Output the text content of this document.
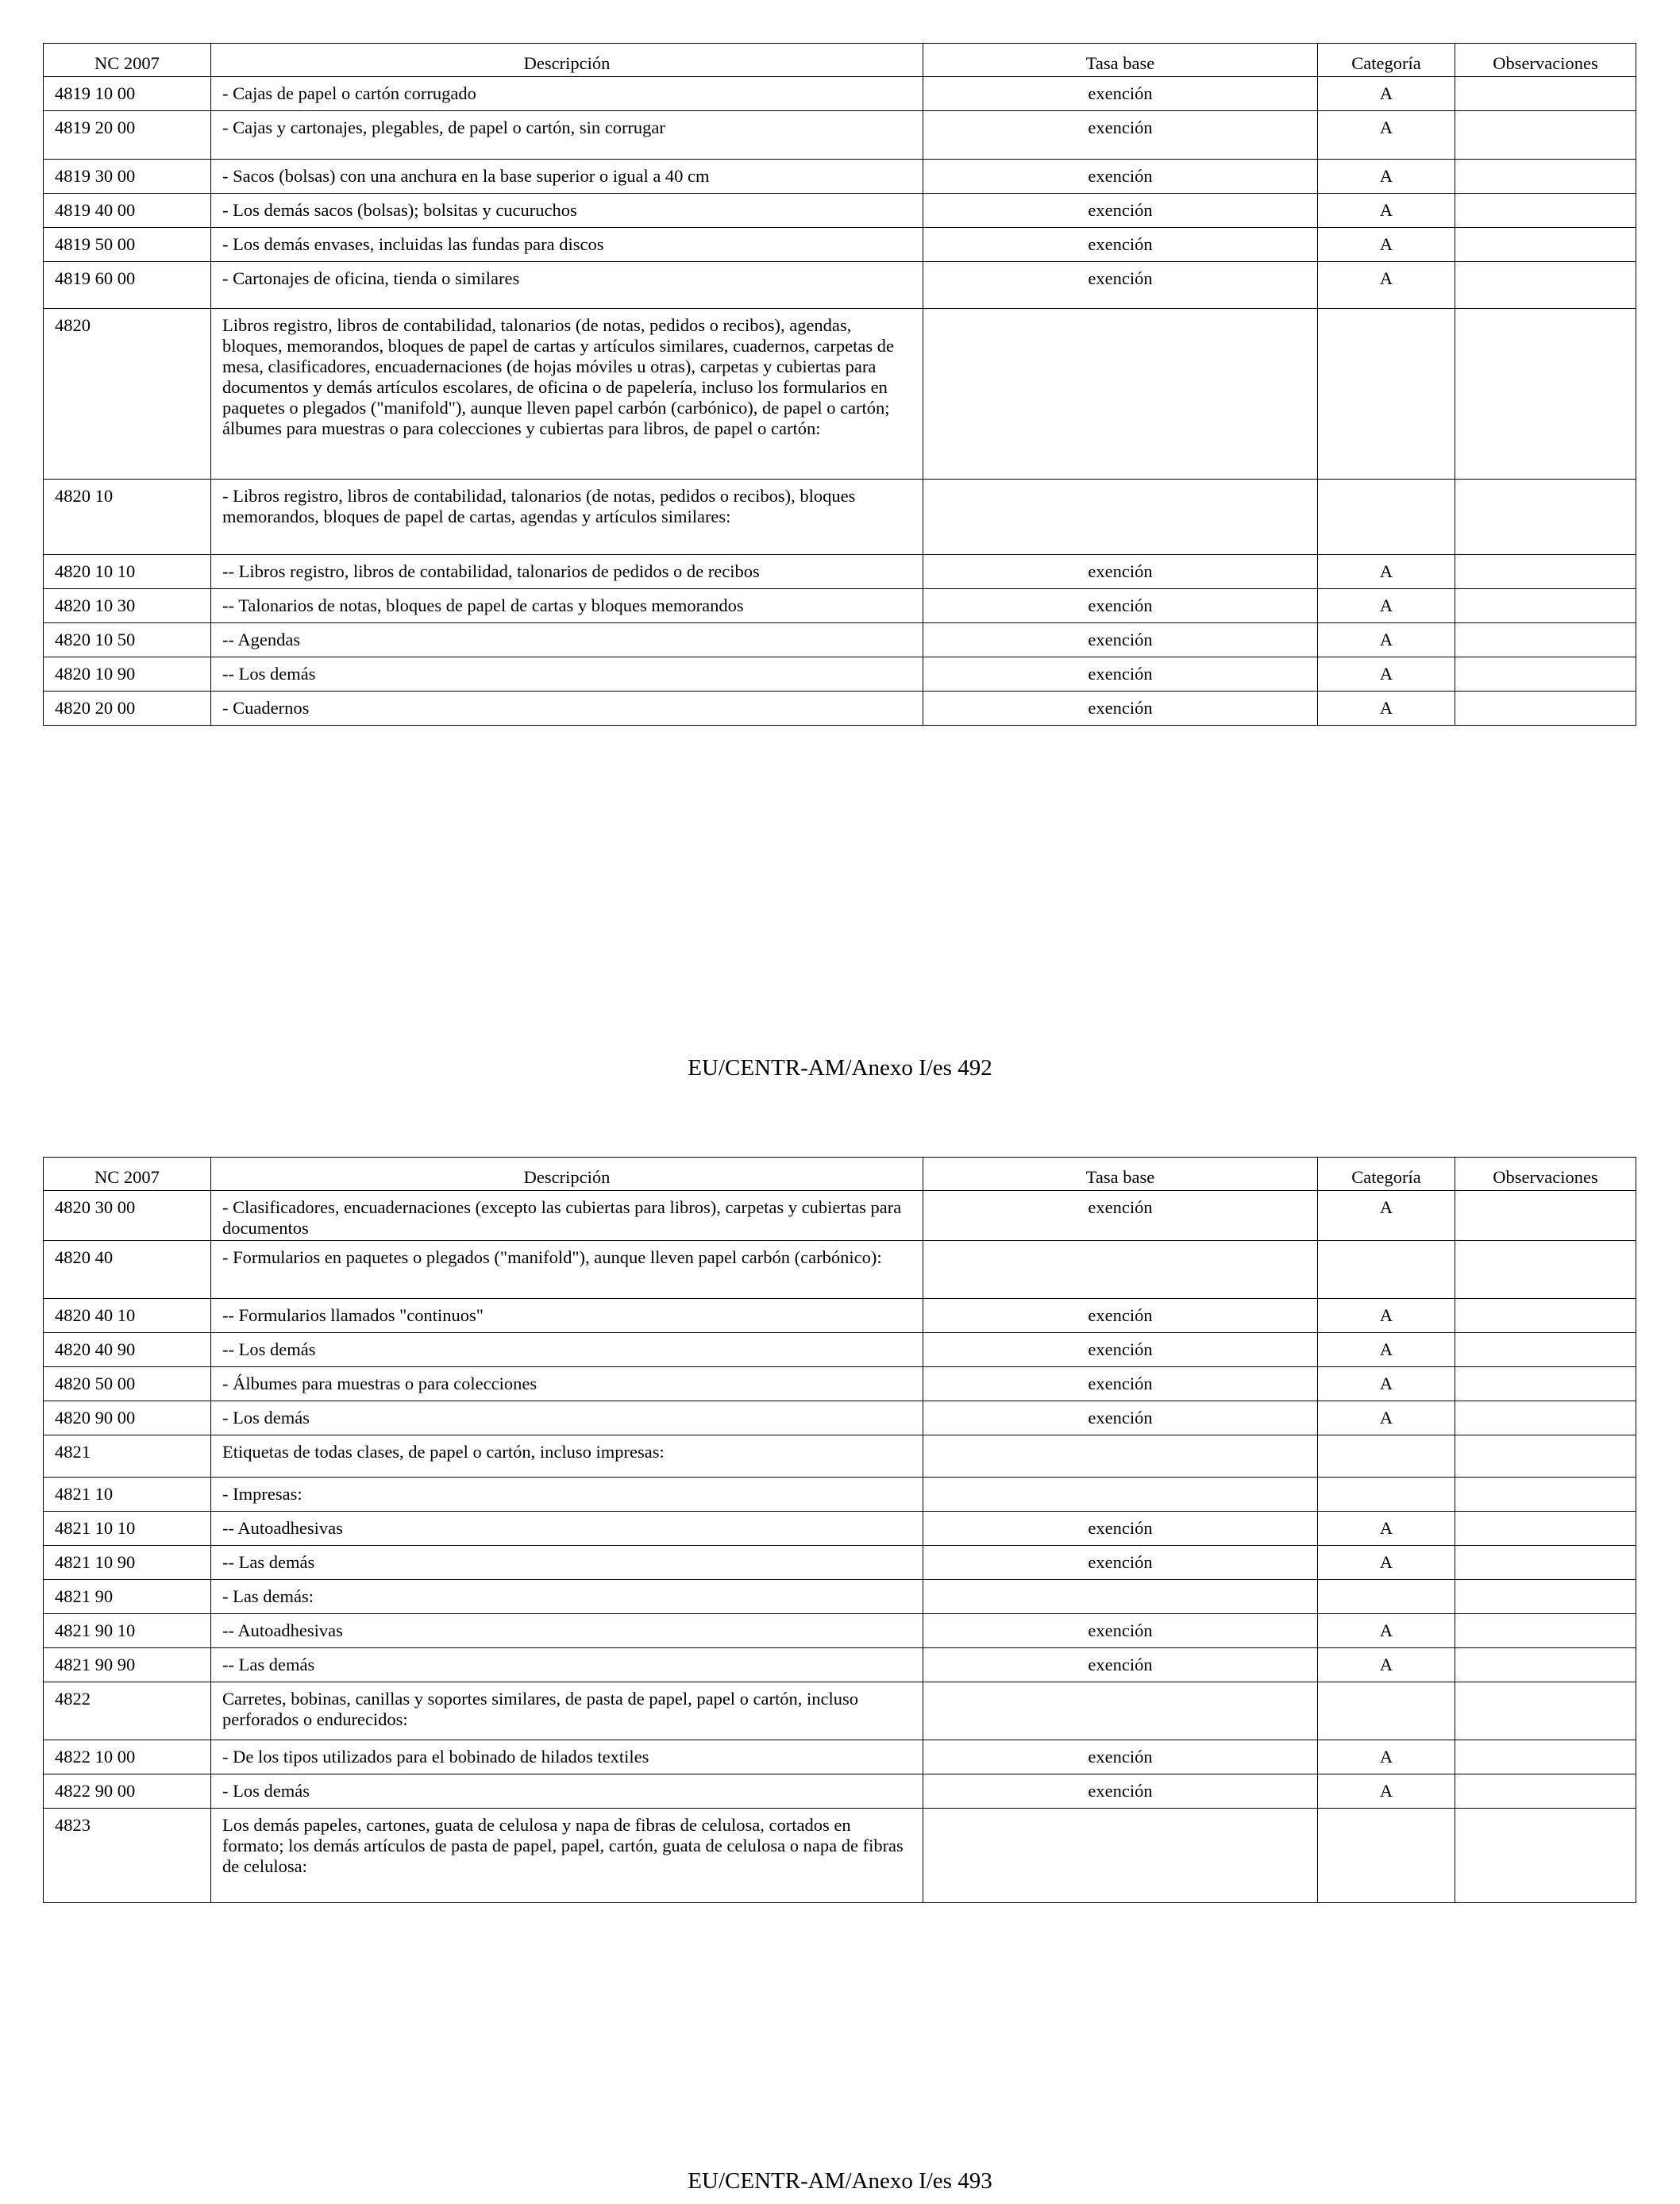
NC 2007	Descripción	Tasa base	Categoría	Observaciones
4819 10 00	- Cajas de papel o cartón corrugado	exención	A	
4819 20 00	- Cajas y cartonajes, plegables, de papel o cartón, sin corrugar	exención	A	
4819 30 00	- Sacos (bolsas) con una anchura en la base superior o igual a 40 cm	exención	A	
4819 40 00	- Los demás sacos (bolsas); bolsitas y cucuruchos	exención	A	
4819 50 00	- Los demás envases, incluidas las fundas para discos	exención	A	
4819 60 00	- Cartonajes de oficina, tienda o similares	exención	A	
4820	Libros registro, libros de contabilidad, talonarios (de notas, pedidos o recibos), agendas, bloques, memorandos, bloques de papel de cartas y artículos similares, cuadernos, carpetas de mesa, clasificadores, encuadernaciones (de hojas móviles u otras), carpetas y cubiertas para documentos y demás artículos escolares, de oficina o de papelería, incluso los formularios en paquetes o plegados ("manifold"), aunque lleven papel carbón (carbónico), de papel o cartón; álbumes para muestras o para colecciones y cubiertas para libros, de papel o cartón:			
4820 10	- Libros registro, libros de contabilidad, talonarios (de notas, pedidos o recibos), bloques memorandos, bloques de papel de cartas, agendas y artículos similares:			
4820 10 10	-- Libros registro, libros de contabilidad, talonarios de pedidos o de recibos	exención	A	
4820 10 30	-- Talonarios de notas, bloques de papel de cartas y bloques memorandos	exención	A	
4820 10 50	-- Agendas	exención	A	
4820 10 90	-- Los demás	exención	A	
4820 20 00	- Cuadernos	exención	A	
EU/CENTR-AM/Anexo I/es 492
NC 2007	Descripción	Tasa base	Categoría	Observaciones
4820 30 00	- Clasificadores, encuadernaciones (excepto las cubiertas para libros), carpetas y cubiertas para documentos	exención	A	
4820 40	- Formularios en paquetes o plegados ("manifold"), aunque lleven papel carbón (carbónico):			
4820 40 10	-- Formularios llamados "continuos"	exención	A	
4820 40 90	-- Los demás	exención	A	
4820 50 00	- Álbumes para muestras o para colecciones	exención	A	
4820 90 00	- Los demás	exención	A	
4821	Etiquetas de todas clases, de papel o cartón, incluso impresas:			
4821 10	- Impresas:			
4821 10 10	-- Autoadhesivas	exención	A	
4821 10 90	-- Las demás	exención	A	
4821 90	- Las demás:			
4821 90 10	-- Autoadhesivas	exención	A	
4821 90 90	-- Las demás	exención	A	
4822	Carretes, bobinas, canillas y soportes similares, de pasta de papel, papel o cartón, incluso perforados o endurecidos:			
4822 10 00	- De los tipos utilizados para el bobinado de hilados textiles	exención	A	
4822 90 00	- Los demás	exención	A	
4823	Los demás papeles, cartones, guata de celulosa y napa de fibras de celulosa, cortados en formato; los demás artículos de pasta de papel, papel, cartón, guata de celulosa o napa de fibras de celulosa:			
EU/CENTR-AM/Anexo I/es 493
